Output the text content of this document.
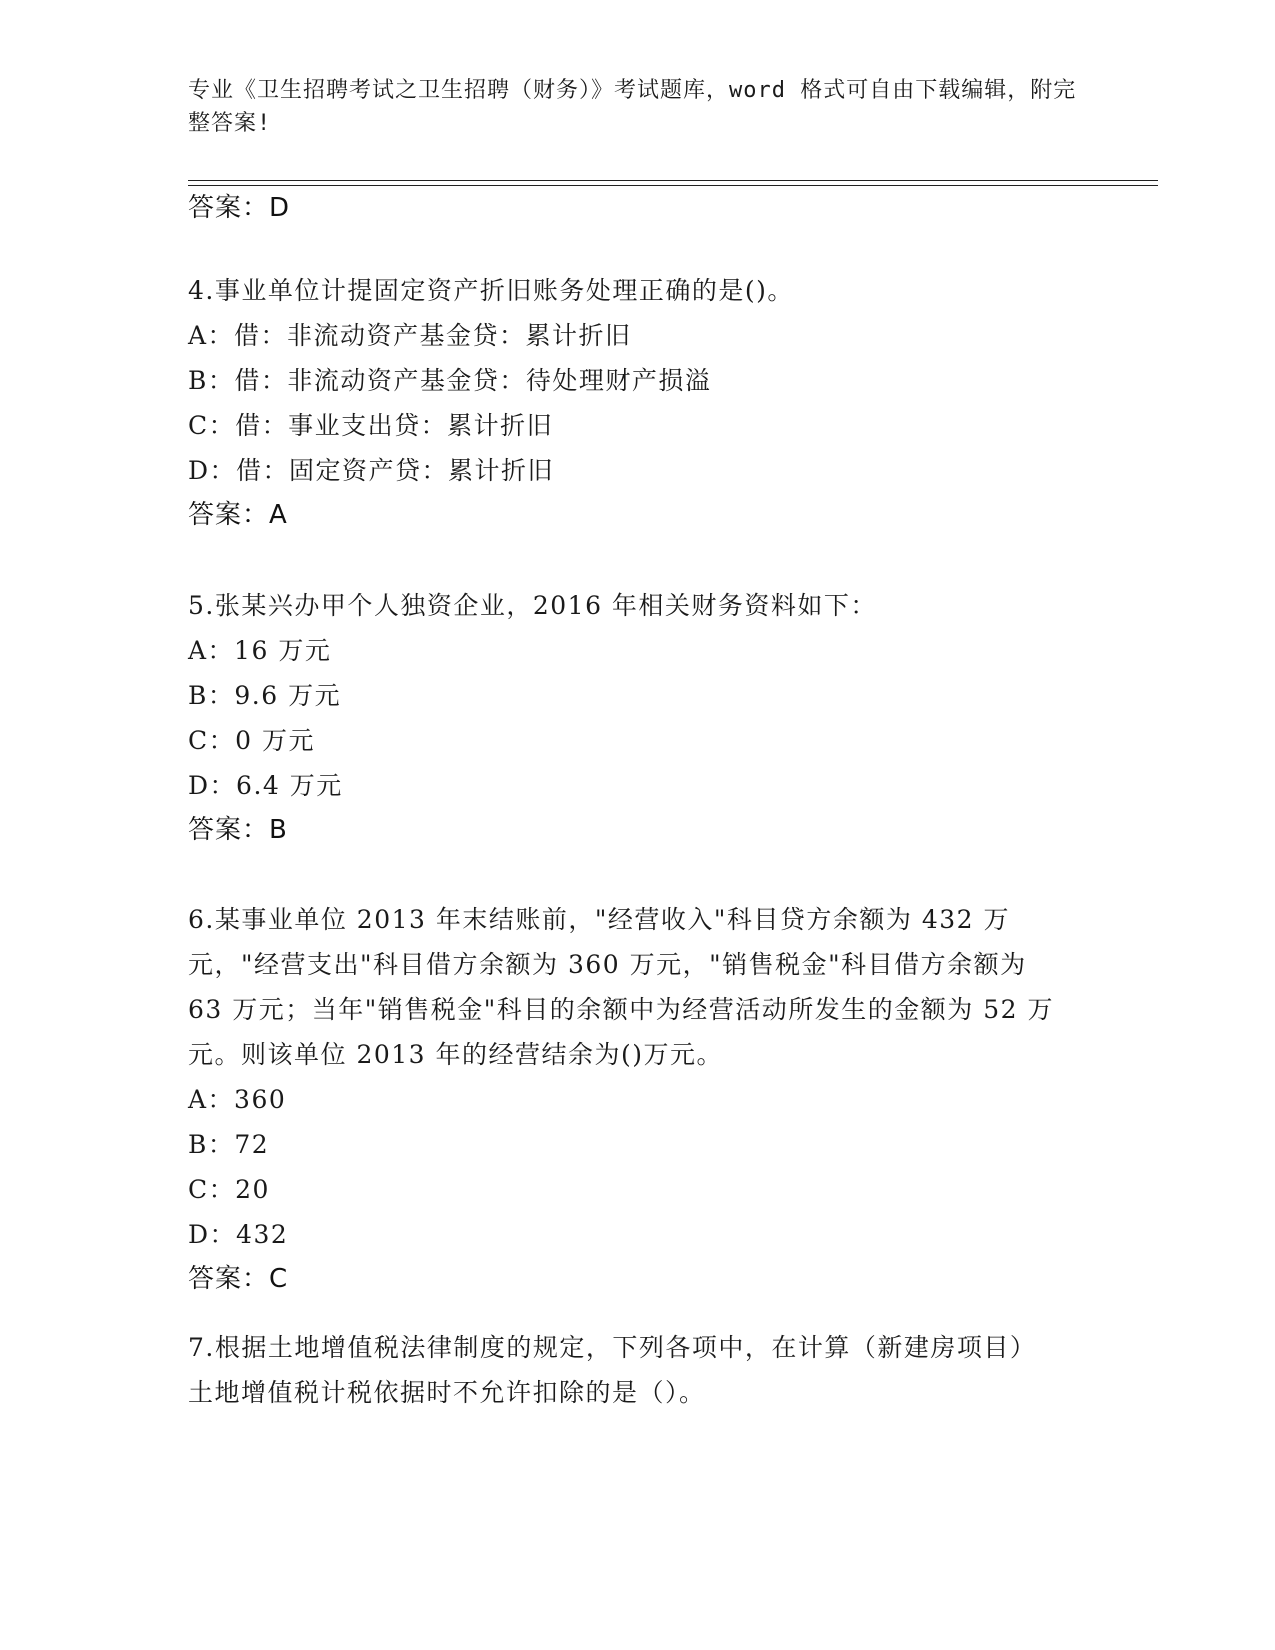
专业《卫生招聘考试之卫生招聘（财务）》考试题库，word 格式可自由下载编辑，附完整答案!
答案：D
4.事业单位计提固定资产折旧账务处理正确的是()。
A：借：非流动资产基金贷：累计折旧
B：借：非流动资产基金贷：待处理财产损溢
C：借：事业支出贷：累计折旧
D：借：固定资产贷：累计折旧
答案：A
5.张某兴办甲个人独资企业，2016 年相关财务资料如下：
A：16 万元
B：9.6 万元
C：0 万元
D：6.4 万元
答案：B
6.某事业单位 2013 年末结账前，"经营收入"科目贷方余额为 432 万元，"经营支出"科目借方余额为 360 万元，"销售税金"科目借方余额为 63 万元；当年"销售税金"科目的余额中为经营活动所发生的金额为 52 万元。则该单位 2013 年的经营结余为()万元。
A：360
B：72
C：20
D：432
答案：C
7.根据土地增值税法律制度的规定，下列各项中，在计算（新建房项目）土地增值税计税依据时不允许扣除的是（）。
